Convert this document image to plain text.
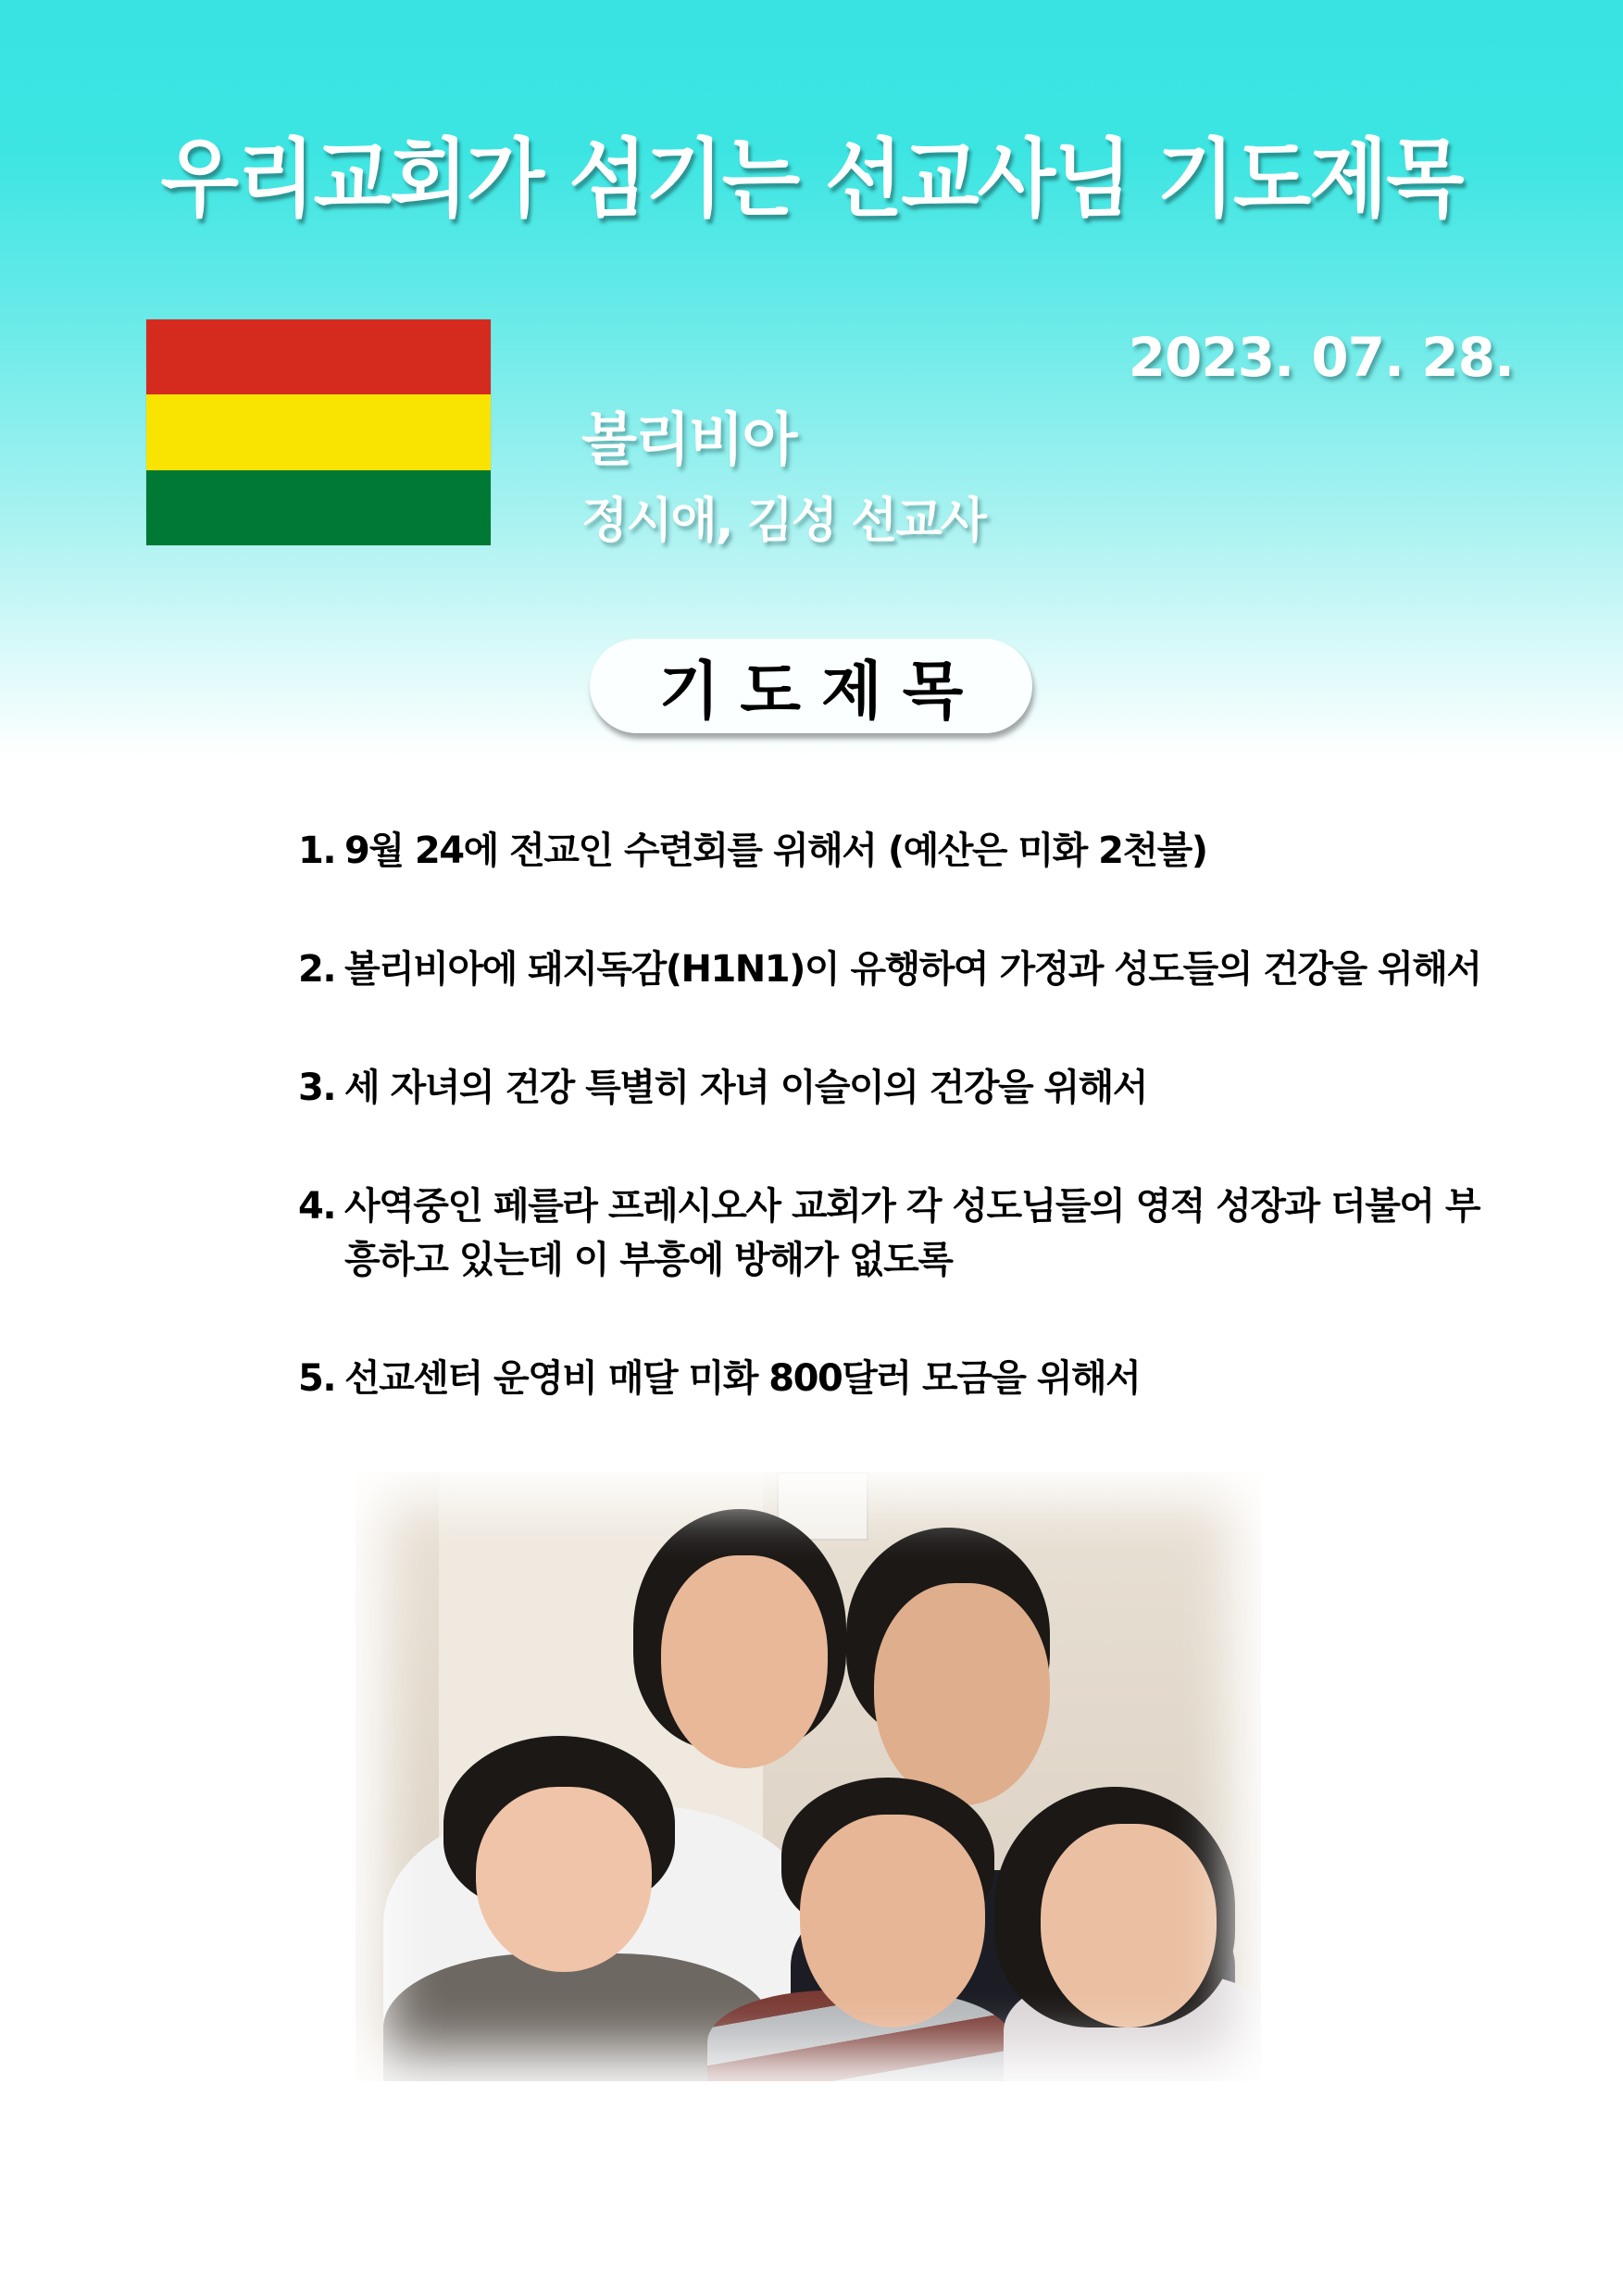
우리교회가 섬기는 선교사님 기도제목
2023. 07. 28.
볼리비아
정시애, 김성 선교사
기도제목
1. 9월 24에 전교인 수련회를 위해서 (예산은 미화 2천불)
2. 볼리비아에 돼지독감(H1N1)이 유행하여 가정과 성도들의 건강을 위해서
3. 세 자녀의 건강 특별히 자녀 이슬이의 건강을 위해서
4. 사역중인 페를라 프레시오사 교회가 각 성도님들의 영적 성장과 더불어 부흥하고 있는데 이 부흥에 방해가 없도록
5. 선교센터 운영비 매달 미화 800달러 모금을 위해서
